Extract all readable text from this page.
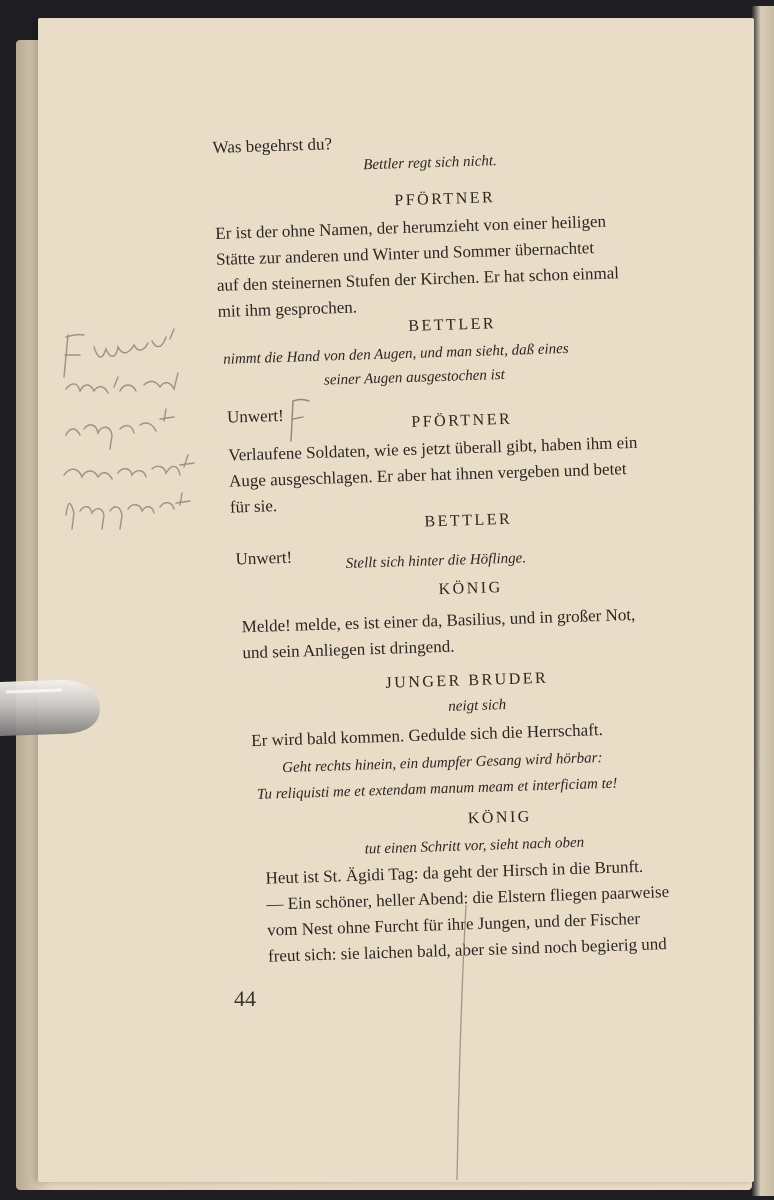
Was begehrst du?
Bettler regt sich nicht.
PFÖRTNER
Er ist der ohne Namen, der herumzieht von einer heiligen
Stätte zur anderen und Winter und Sommer übernachtet
auf den steinernen Stufen der Kirchen. Er hat schon einmal
mit ihm gesprochen.
BETTLER
nimmt die Hand von den Augen, und man sieht, daß eines
seiner Augen ausgestochen ist
Unwert!	PFÖRTNER
Verlaufene Soldaten, wie es jetzt überall gibt, haben ihm ein
Auge ausgeschlagen. Er aber hat ihnen vergeben und betet
für sie.
BETTLER
Unwert!	Stellt sich hinter die Höflinge.
KÖNIG
Melde! melde, es ist einer da, Basilius, und in großer Not,
und sein Anliegen ist dringend.
JUNGER BRUDER
neigt sich
Er wird bald kommen. Gedulde sich die Herrschaft.
Geht rechts hinein, ein dumpfer Gesang wird hörbar:
Tu reliquisti me et extendam manum meam et interficiam te!
KÖNIG
tut einen Schritt vor, sieht nach oben
Heut ist St. Ägidi Tag: da geht der Hirsch in die Brunft.
— Ein schöner, heller Abend: die Elstern fliegen paarweise
vom Nest ohne Furcht für ihre Jungen, und der Fischer
freut sich: sie laichen bald, aber sie sind noch begierig und
44
